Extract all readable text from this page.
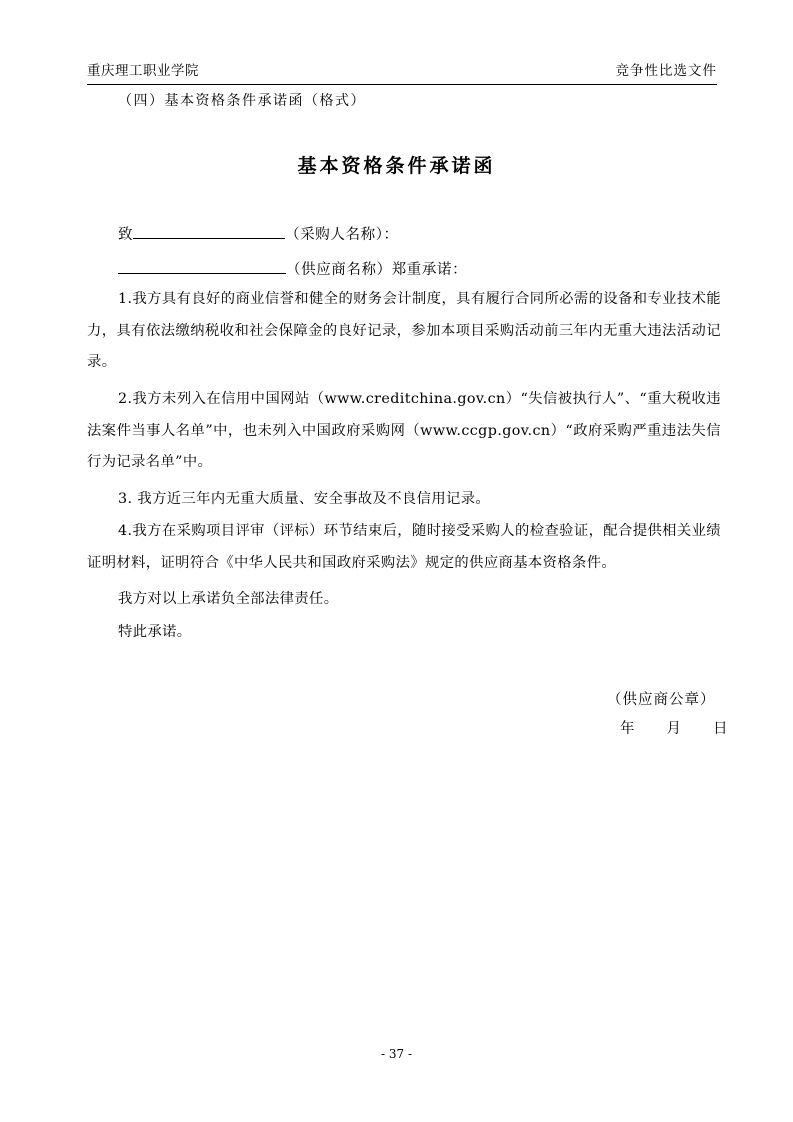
重庆理工职业学院	竞争性比选文件
（四）基本资格条件承诺函（格式）
基本资格条件承诺函
致	（采购人名称）：
（供应商名称）郑重承诺：
1.我方具有良好的商业信誉和健全的财务会计制度，具有履行合同所必需的设备和专业技术能力，具有依法缴纳税收和社会保障金的良好记录，参加本项目采购活动前三年内无重大违法活动记录。
2.我方未列入在信用中国网站（www.creditchina.gov.cn）“失信被执行人”、“重大税收违法案件当事人名单”中，也未列入中国政府采购网（www.ccgp.gov.cn）“政府采购严重违法失信行为记录名单”中。
3. 我方近三年内无重大质量、安全事故及不良信用记录。
4.我方在采购项目评审（评标）环节结束后，随时接受采购人的检查验证，配合提供相关业绩证明材料，证明符合《中华人民共和国政府采购法》规定的供应商基本资格条件。
我方对以上承诺负全部法律责任。
特此承诺。
（供应商公章）
年　　月　　日
- 37 -
